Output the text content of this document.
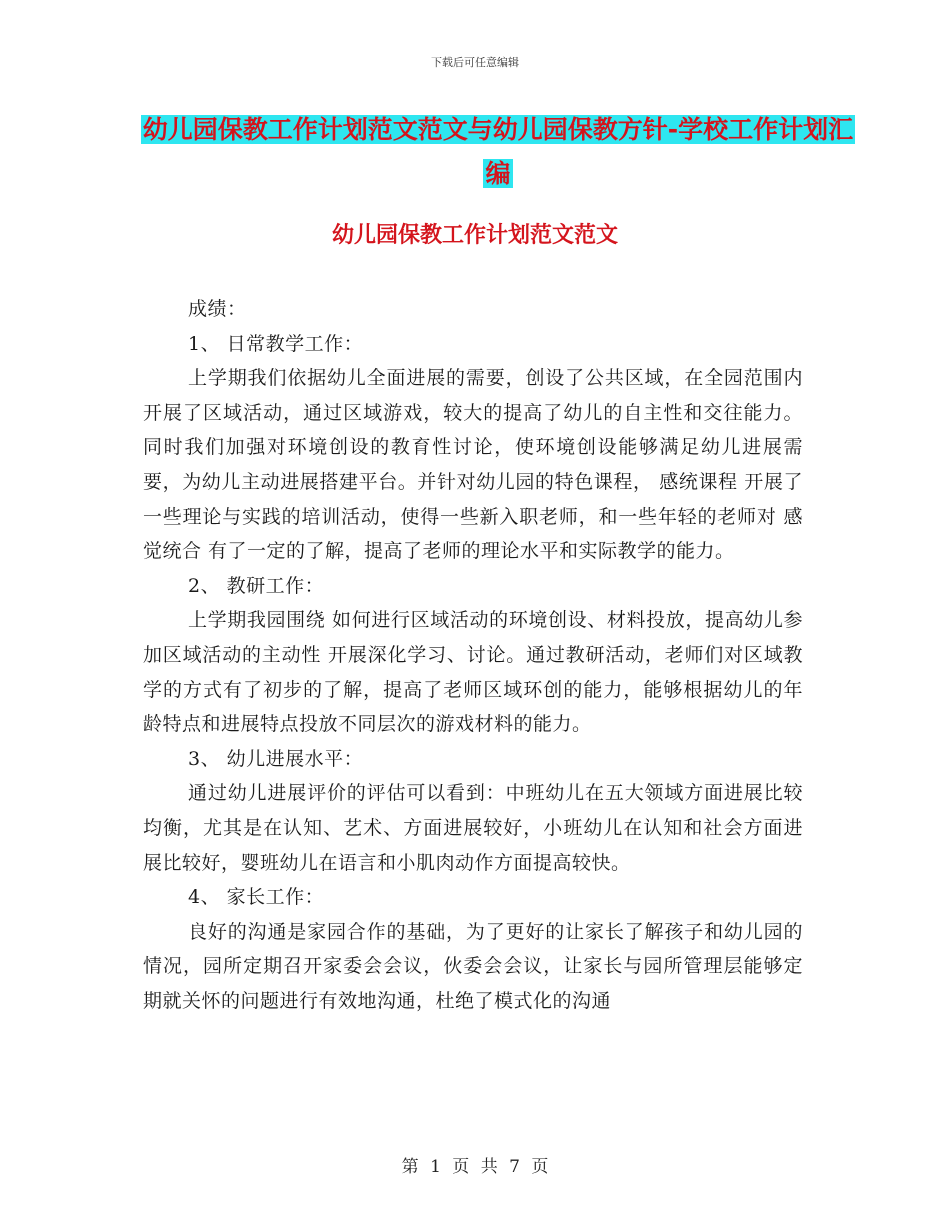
下载后可任意编辑
幼儿园保教工作计划范文范文与幼儿园保教方针-学校工作计划汇编
幼儿园保教工作计划范文范文

成绩：

1、 日常教学工作：

上学期我们依据幼儿全面进展的需要，创设了公共区域，在全园范围内开展了区域活动，通过区域游戏，较大的提高了幼儿的自主性和交往能力。同时我们加强对环境创设的教育性讨论，使环境创设能够满足幼儿进展需要，为幼儿主动进展搭建平台。并针对幼儿园的特色课程， 感统课程 开展了一些理论与实践的培训活动，使得一些新入职老师，和一些年轻的老师对 感觉统合 有了一定的了解，提高了老师的理论水平和实际教学的能力。

2、 教研工作：

上学期我园围绕 如何进行区域活动的环境创设、材料投放，提高幼儿参加区域活动的主动性 开展深化学习、讨论。通过教研活动，老师们对区域教学的方式有了初步的了解，提高了老师区域环创的能力，能够根据幼儿的年龄特点和进展特点投放不同层次的游戏材料的能力。

3、 幼儿进展水平：

通过幼儿进展评价的评估可以看到：中班幼儿在五大领域方面进展比较均衡，尤其是在认知、艺术、方面进展较好，小班幼儿在认知和社会方面进展比较好，婴班幼儿在语言和小肌肉动作方面提高较快。

4、 家长工作：

良好的沟通是家园合作的基础，为了更好的让家长了解孩子和幼儿园的情况，园所定期召开家委会会议，伙委会会议，让家长与园所管理层能够定期就关怀的问题进行有效地沟通，杜绝了模式化的沟通

第 1 页 共 7 页
